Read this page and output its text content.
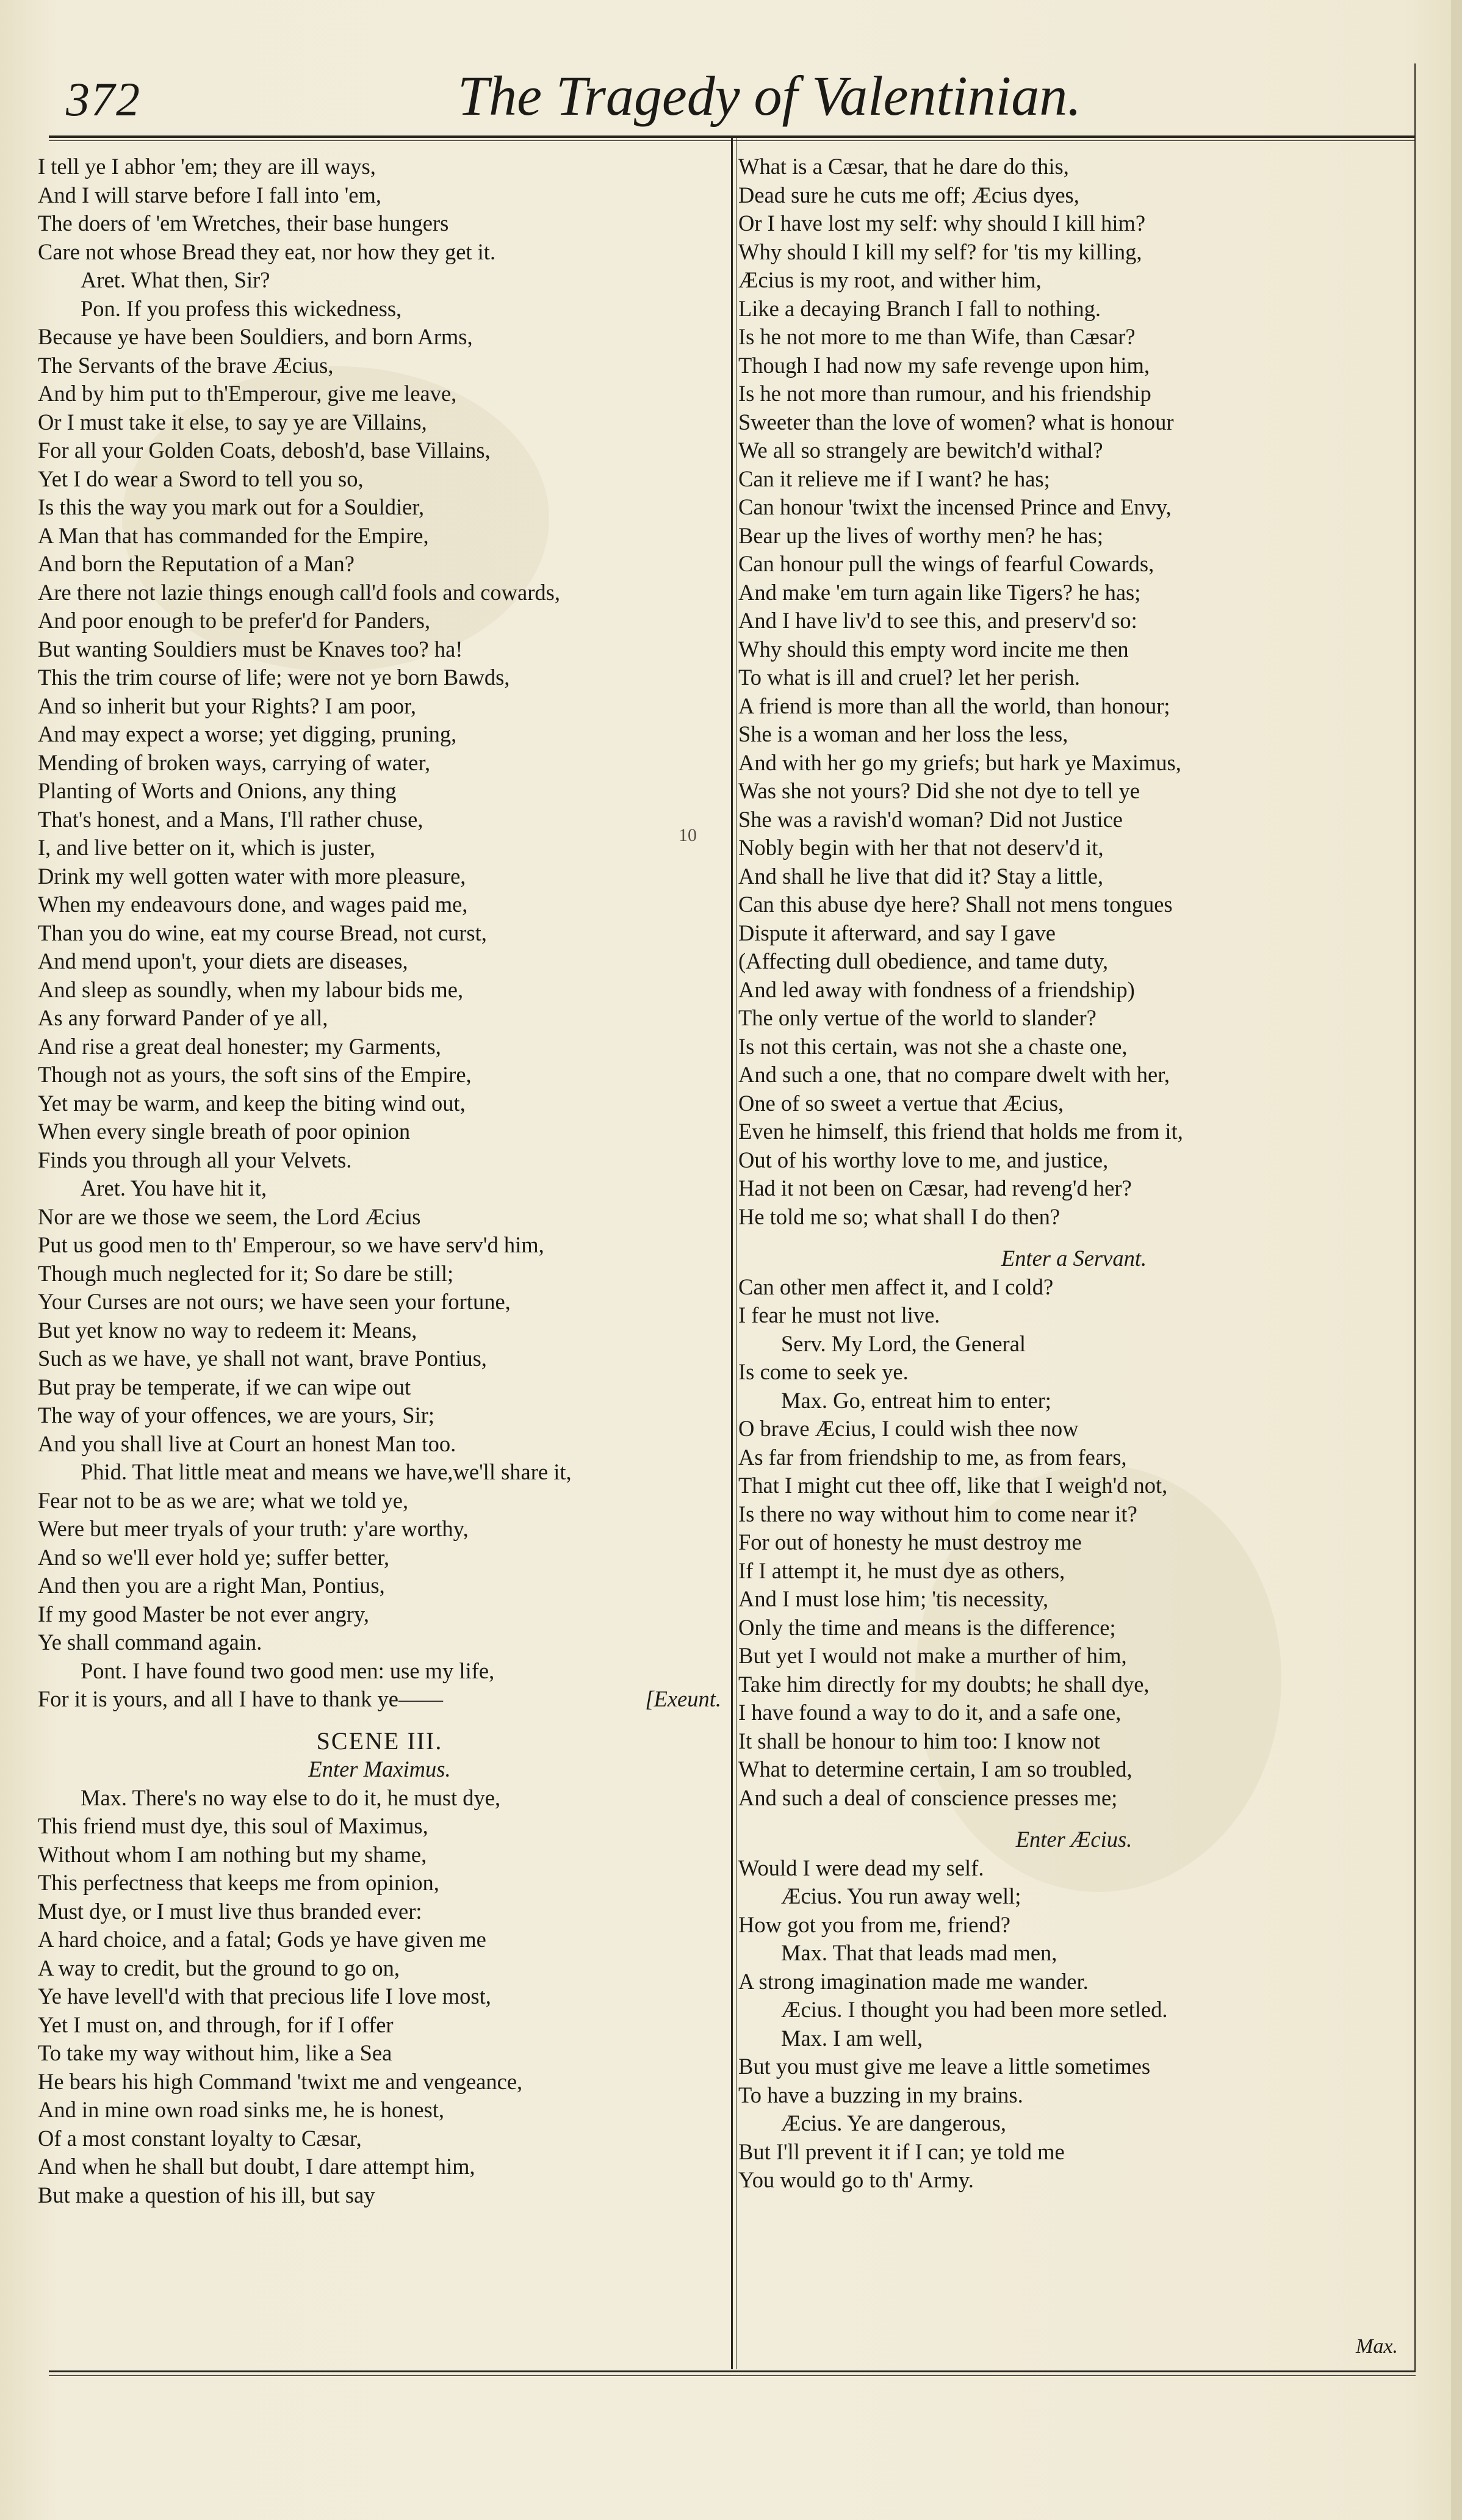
372	The Tragedy of Valentinian.
10
I tell ye I abhor 'em; they are ill ways,
And I will starve before I fall into 'em,
The doers of 'em Wretches, their base hungers
Care not whose Bread they eat, nor how they get it.
Aret. What then, Sir?
Pon. If you profess this wickedness,
Because ye have been Souldiers, and born Arms,
The Servants of the brave Æcius,
And by him put to th'Emperour, give me leave,
Or I must take it else, to say ye are Villains,
For all your Golden Coats, debosh'd, base Villains,
Yet I do wear a Sword to tell you so,
Is this the way you mark out for a Souldier,
A Man that has commanded for the Empire,
And born the Reputation of a Man?
Are there not lazie things enough call'd fools and cowards,
And poor enough to be prefer'd for Panders,
But wanting Souldiers must be Knaves too? ha!
This the trim course of life; were not ye born Bawds,
And so inherit but your Rights? I am poor,
And may expect a worse; yet digging, pruning,
Mending of broken ways, carrying of water,
Planting of Worts and Onions, any thing
That's honest, and a Mans, I'll rather chuse,
I, and live better on it, which is juster,
Drink my well gotten water with more pleasure,
When my endeavours done, and wages paid me,
Than you do wine, eat my course Bread, not curst,
And mend upon't, your diets are diseases,
And sleep as soundly, when my labour bids me,
As any forward Pander of ye all,
And rise a great deal honester; my Garments,
Though not as yours, the soft sins of the Empire,
Yet may be warm, and keep the biting wind out,
When every single breath of poor opinion
Finds you through all your Velvets.
Aret. You have hit it,
Nor are we those we seem, the Lord Æcius
Put us good men to th' Emperour, so we have serv'd him,
Though much neglected for it; So dare be still;
Your Curses are not ours; we have seen your fortune,
But yet know no way to redeem it: Means,
Such as we have, ye shall not want, brave Pontius,
But pray be temperate, if we can wipe out
The way of your offences, we are yours, Sir;
And you shall live at Court an honest Man too.
Phid. That little meat and means we have,we'll share it,
Fear not to be as we are; what we told ye,
Were but meer tryals of your truth: y'are worthy,
And so we'll ever hold ye; suffer better,
And then you are a right Man, Pontius,
If my good Master be not ever angry,
Ye shall command again.
Pont. I have found two good men: use my life,
For it is yours, and all I have to thank ye——	[Exeunt.
SCENE III.
Enter Maximus.
Max. There's no way else to do it, he must dye,
This friend must dye, this soul of Maximus,
Without whom I am nothing but my shame,
This perfectness that keeps me from opinion,
Must dye, or I must live thus branded ever:
A hard choice, and a fatal; Gods ye have given me
A way to credit, but the ground to go on,
Ye have levell'd with that precious life I love most,
Yet I must on, and through, for if I offer
To take my way without him, like a Sea
He bears his high Command 'twixt me and vengeance,
And in mine own road sinks me, he is honest,
Of a most constant loyalty to Cæsar,
And when he shall but doubt, I dare attempt him,
But make a question of his ill, but say
What is a Cæsar, that he dare do this,
Dead sure he cuts me off; Æcius dyes,
Or I have lost my self: why should I kill him?
Why should I kill my self? for 'tis my killing,
Æcius is my root, and wither him,
Like a decaying Branch I fall to nothing.
Is he not more to me than Wife, than Cæsar?
Though I had now my safe revenge upon him,
Is he not more than rumour, and his friendship
Sweeter than the love of women? what is honour
We all so strangely are bewitch'd withal?
Can it relieve me if I want? he has;
Can honour 'twixt the incensed Prince and Envy,
Bear up the lives of worthy men? he has;
Can honour pull the wings of fearful Cowards,
And make 'em turn again like Tigers? he has;
And I have liv'd to see this, and preserv'd so:
Why should this empty word incite me then
To what is ill and cruel? let her perish.
A friend is more than all the world, than honour;
She is a woman and her loss the less,
And with her go my griefs; but hark ye Maximus,
Was she not yours? Did she not dye to tell ye
She was a ravish'd woman? Did not Justice
Nobly begin with her that not deserv'd it,
And shall he live that did it? Stay a little,
Can this abuse dye here? Shall not mens tongues
Dispute it afterward, and say I gave
(Affecting dull obedience, and tame duty,
And led away with fondness of a friendship)
The only vertue of the world to slander?
Is not this certain, was not she a chaste one,
And such a one, that no compare dwelt with her,
One of so sweet a vertue that Æcius,
Even he himself, this friend that holds me from it,
Out of his worthy love to me, and justice,
Had it not been on Cæsar, had reveng'd her?
He told me so; what shall I do then?
Enter a Servant.
Can other men affect it, and I cold?
I fear he must not live.
Serv. My Lord, the General
Is come to seek ye.
Max. Go, entreat him to enter;
O brave Æcius, I could wish thee now
As far from friendship to me, as from fears,
That I might cut thee off, like that I weigh'd not,
Is there no way without him to come near it?
For out of honesty he must destroy me
If I attempt it, he must dye as others,
And I must lose him; 'tis necessity,
Only the time and means is the difference;
But yet I would not make a murther of him,
Take him directly for my doubts; he shall dye,
I have found a way to do it, and a safe one,
It shall be honour to him too: I know not
What to determine certain, I am so troubled,
And such a deal of conscience presses me;
Enter Æcius.
Would I were dead my self.
Æcius. You run away well;
How got you from me, friend?
Max. That that leads mad men,
A strong imagination made me wander.
Æcius. I thought you had been more setled.
Max. I am well,
But you must give me leave a little sometimes
To have a buzzing in my brains.
Æcius. Ye are dangerous,
But I'll prevent it if I can; ye told me
You would go to th' Army.
Max.
